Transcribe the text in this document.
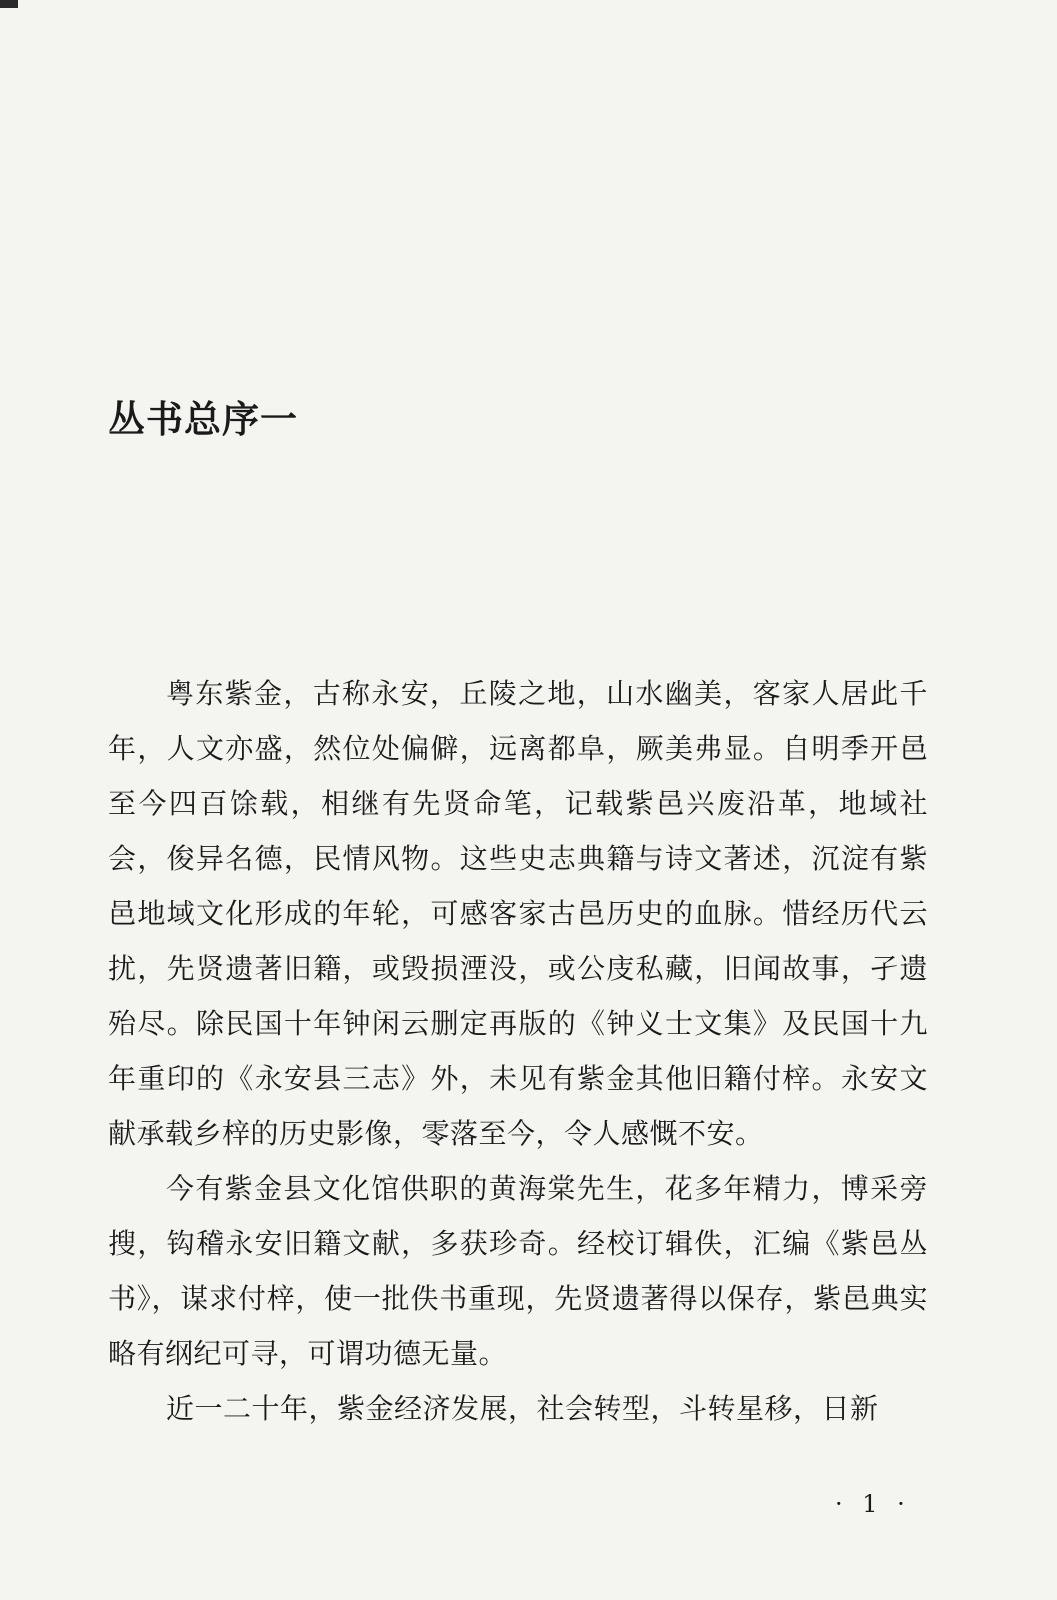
丛书总序一

粤东紫金，古称永安，丘陵之地，山水幽美，客家人居此千年，人文亦盛，然位处偏僻，远离都阜，厥美弗显。自明季开邑至今四百馀载，相继有先贤命笔，记载紫邑兴废沿革，地域社会，俊异名德，民情风物。这些史志典籍与诗文著述，沉淀有紫邑地域文化形成的年轮，可感客家古邑历史的血脉。惜经历代云扰，先贤遗著旧籍，或毁损湮没，或公庋私藏，旧闻故事，孑遗殆尽。除民国十年钟闲云删定再版的《钟义士文集》及民国十九年重印的《永安县三志》外，未见有紫金其他旧籍付梓。永安文献承载乡梓的历史影像，零落至今，令人感慨不安。

今有紫金县文化馆供职的黄海棠先生，花多年精力，博采旁搜，钩稽永安旧籍文献，多获珍奇。经校订辑佚，汇编《紫邑丛书》，谋求付梓，使一批佚书重现，先贤遗著得以保存，紫邑典实略有纲纪可寻，可谓功德无量。

近一二十年，紫金经济发展，社会转型，斗转星移，日新

· 1 ·
